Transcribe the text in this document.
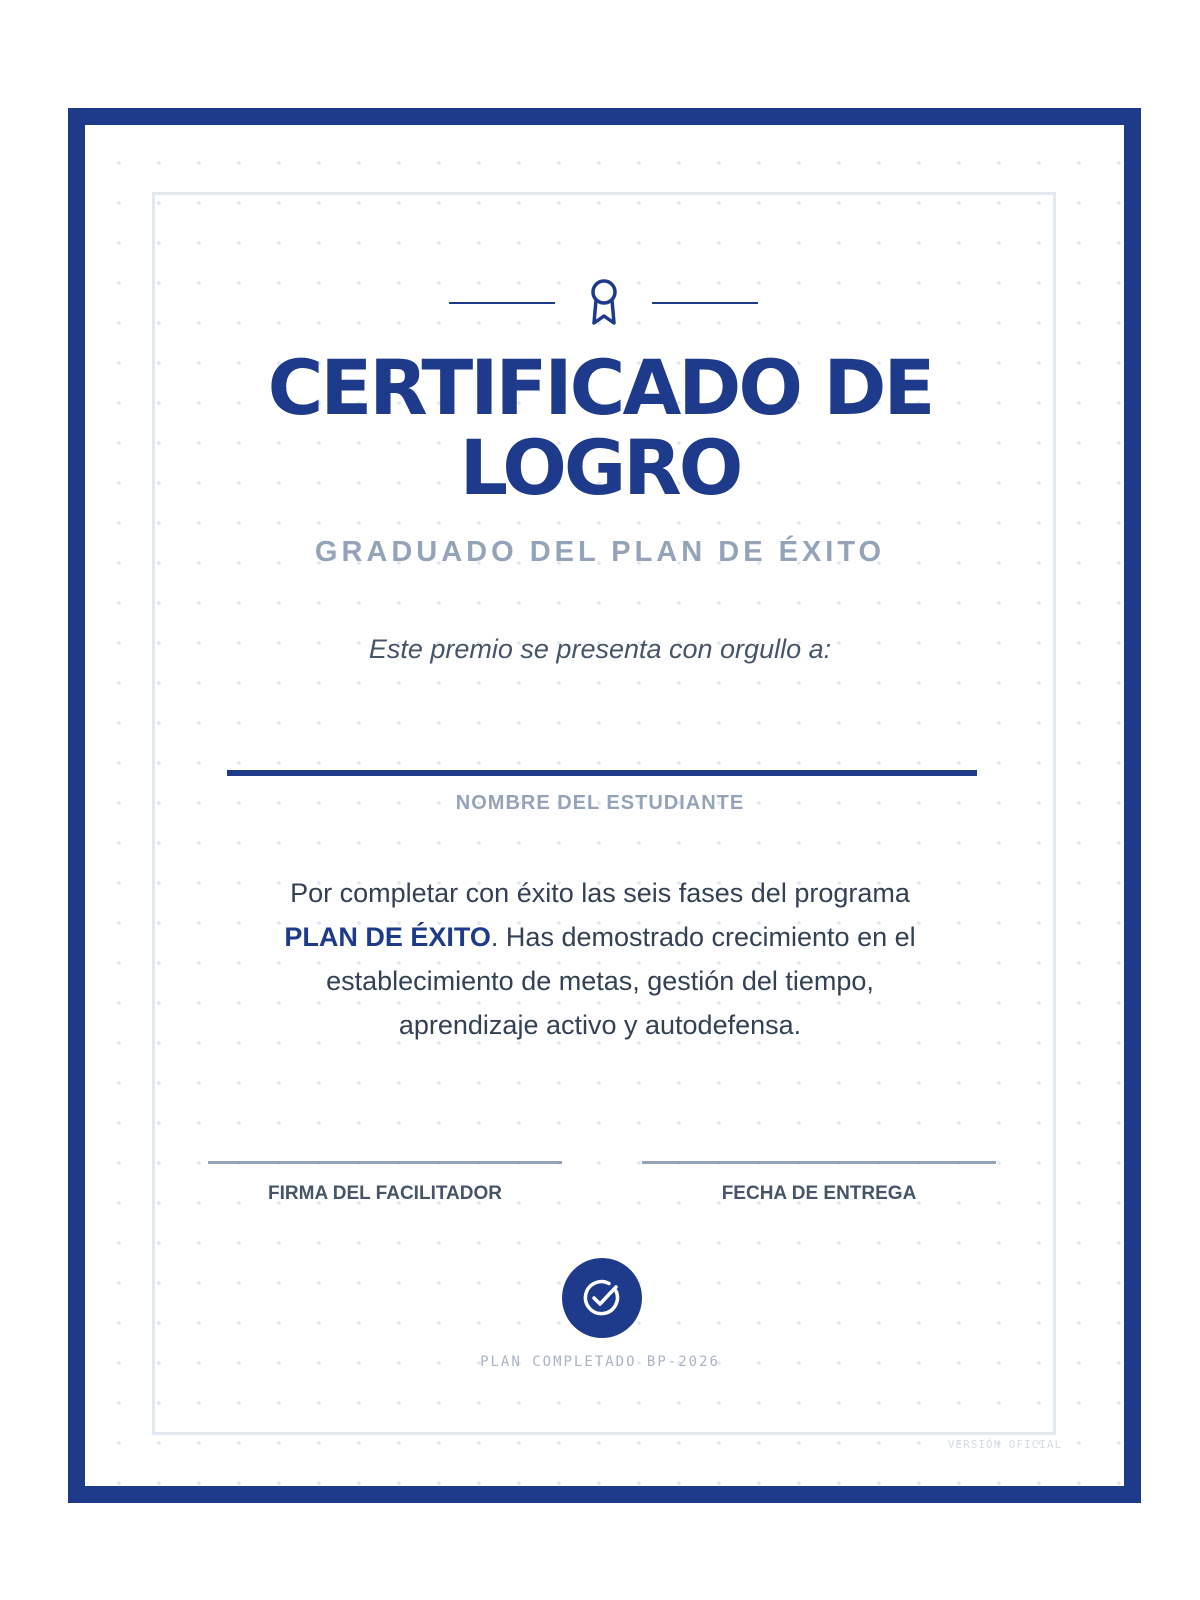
CERTIFICADO DE
LOGRO
GRADUADO DEL PLAN DE ÉXITO
Este premio se presenta con orgullo a:
NOMBRE DEL ESTUDIANTE
Por completar con éxito las seis fases del programa PLAN DE ÉXITO. Has demostrado crecimiento en el establecimiento de metas, gestión del tiempo, aprendizaje activo y autodefensa.
FIRMA DEL FACILITADOR	FECHA DE ENTREGA
PLAN COMPLETADO BP-2026
VERSIÓN OFICIAL
